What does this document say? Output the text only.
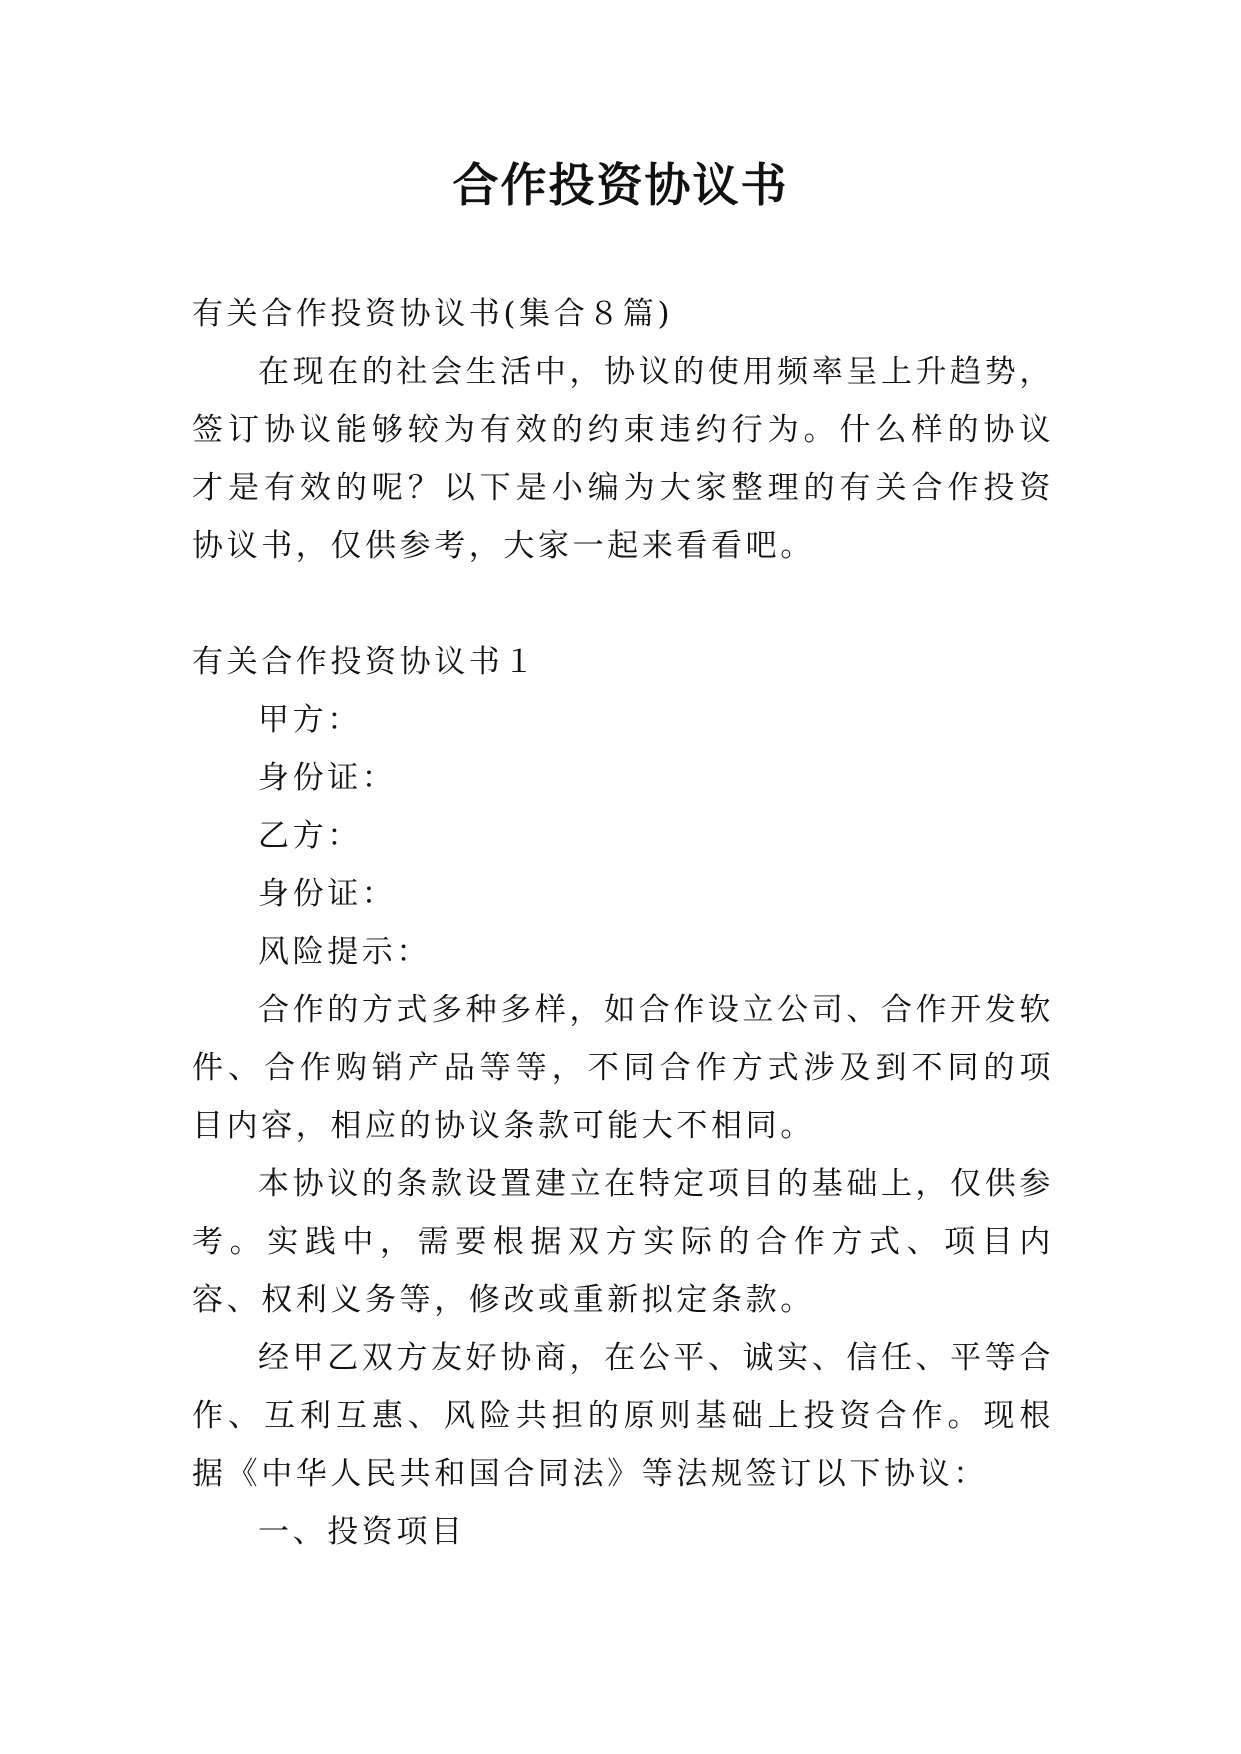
合作投资协议书

有关合作投资协议书(集合８篇)

在现在的社会生活中，协议的使用频率呈上升趋势，签订协议能够较为有效的约束违约行为。什么样的协议才是有效的呢？以下是小编为大家整理的有关合作投资协议书，仅供参考，大家一起来看看吧。

有关合作投资协议书１

甲方：

身份证：

乙方：

身份证：

风险提示：

合作的方式多种多样，如合作设立公司、合作开发软件、合作购销产品等等，不同合作方式涉及到不同的项目内容，相应的协议条款可能大不相同。

本协议的条款设置建立在特定项目的基础上，仅供参考。实践中，需要根据双方实际的合作方式、项目内容、权利义务等，修改或重新拟定条款。

经甲乙双方友好协商，在公平、诚实、信任、平等合作、互利互惠、风险共担的原则基础上投资合作。现根据《中华人民共和国合同法》等法规签订以下协议：

一、投资项目
